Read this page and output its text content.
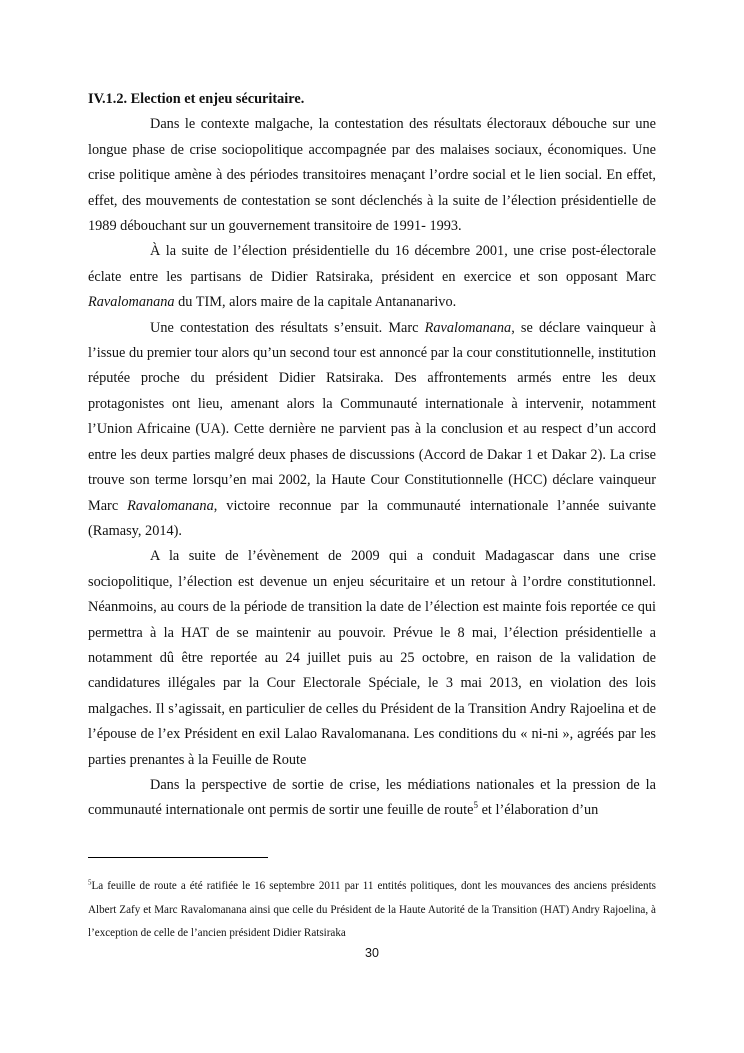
IV.1.2. Election et enjeu sécuritaire.

Dans le contexte malgache, la contestation des résultats électoraux débouche sur une longue phase de crise sociopolitique accompagnée par des malaises sociaux, économiques. Une crise politique amène à des périodes transitoires menaçant l’ordre social et le lien social. En effet, effet, des mouvements de contestation se sont déclenchés à la suite de l’élection présidentielle de 1989 débouchant sur un gouvernement transitoire de 1991- 1993.

À la suite de l’élection présidentielle du 16 décembre 2001, une crise post-électorale éclate entre les partisans de Didier Ratsiraka, président en exercice et son opposant Marc Ravalomanana du TIM, alors maire de la capitale Antananarivo.

Une contestation des résultats s’ensuit. Marc Ravalomanana, se déclare vainqueur à l’issue du premier tour alors qu’un second tour est annoncé par la cour constitutionnelle, institution réputée proche du président Didier Ratsiraka. Des affrontements armés entre les deux protagonistes ont lieu, amenant alors la Communauté internationale à intervenir, notamment l’Union Africaine (UA). Cette dernière ne parvient pas à la conclusion et au respect d’un accord entre les deux parties malgré deux phases de discussions (Accord de Dakar 1 et Dakar 2). La crise trouve son terme lorsqu’en mai 2002, la Haute Cour Constitutionnelle (HCC) déclare vainqueur Marc Ravalomanana, victoire reconnue par la communauté internationale l’année suivante (Ramasy, 2014).

A la suite de l’évènement de 2009 qui a conduit Madagascar dans une crise sociopolitique, l’élection est devenue un enjeu sécuritaire et un retour à l’ordre constitutionnel. Néanmoins, au cours de la période de transition la date de l’élection est mainte fois reportée ce qui permettra à la HAT de se maintenir au pouvoir. Prévue le 8 mai, l’élection présidentielle a notamment dû être reportée au 24 juillet puis au 25 octobre, en raison de la validation de candidatures illégales par la Cour Electorale Spéciale, le 3 mai 2013, en violation des lois malgaches. Il s’agissait, en particulier de celles du Président de la Transition Andry Rajoelina et de l’épouse de l’ex Président en exil Lalao Ravalomanana. Les conditions du « ni-ni », agréés par les parties prenantes à la Feuille de Route

Dans la perspective de sortie de crise, les médiations nationales et la pression de la communauté internationale ont permis de sortir une feuille de route$^5$ et l’élaboration d’un

$^5$La feuille de route a été ratifiée le 16 septembre 2011 par 11 entités politiques, dont les mouvances des anciens présidents Albert Zafy et Marc Ravalomanana ainsi que celle du Président de la Haute Autorité de la Transition (HAT) Andry Rajoelina, à l’exception de celle de l’ancien président Didier Ratsiraka

30
